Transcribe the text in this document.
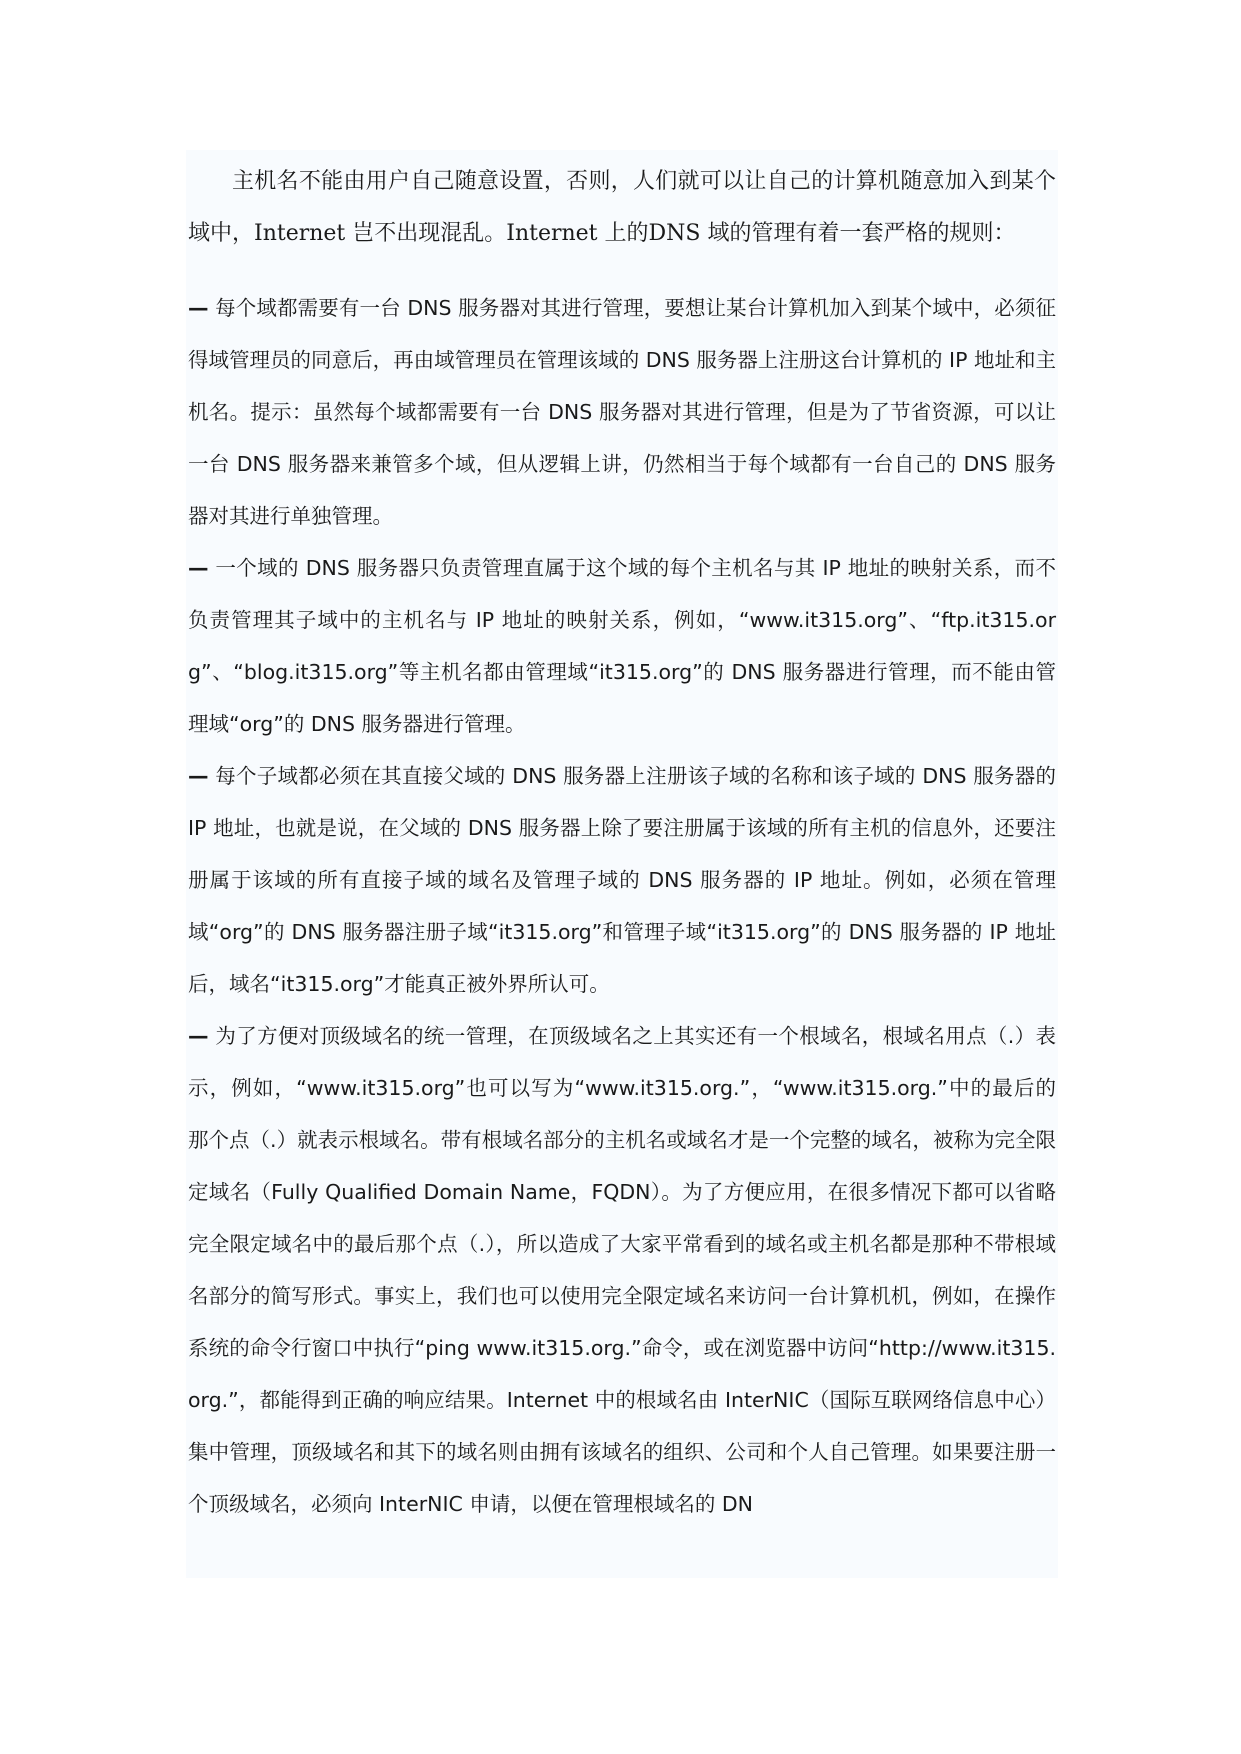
主机名不能由用户自己随意设置，否则，人们就可以让自己的计算机随意加入到某个域中，Internet 岂不出现混乱。Internet 上的DNS 域的管理有着一套严格的规则：

— 每个域都需要有一台 DNS 服务器对其进行管理，要想让某台计算机加入到某个域中，必须征得域管理员的同意后，再由域管理员在管理该域的 DNS 服务器上注册这台计算机的 IP 地址和主机名。提示：虽然每个域都需要有一台 DNS 服务器对其进行管理，但是为了节省资源，可以让一台 DNS 服务器来兼管多个域，但从逻辑上讲，仍然相当于每个域都有一台自己的 DNS 服务器对其进行单独管理。
— 一个域的 DNS 服务器只负责管理直属于这个域的每个主机名与其 IP 地址的映射关系，而不负责管理其子域中的主机名与 IP 地址的映射关系，例如，“www.it315.org”、“ftp.it315.org”、“blog.it315.org”等主机名都由管理域“it315.org”的 DNS 服务器进行管理，而不能由管理域“org”的 DNS 服务器进行管理。
— 每个子域都必须在其直接父域的 DNS 服务器上注册该子域的名称和该子域的 DNS 服务器的 IP 地址，也就是说，在父域的 DNS 服务器上除了要注册属于该域的所有主机的信息外，还要注册属于该域的所有直接子域的域名及管理子域的 DNS 服务器的 IP 地址。例如，必须在管理域“org”的 DNS 服务器注册子域“it315.org”和管理子域“it315.org”的 DNS 服务器的 IP 地址后，域名“it315.org”才能真正被外界所认可。
— 为了方便对顶级域名的统一管理，在顶级域名之上其实还有一个根域名，根域名用点（.）表示，例如，“www.it315.org”也可以写为“www.it315.org.”，“www.it315.org.”中的最后的那个点（.）就表示根域名。带有根域名部分的主机名或域名才是一个完整的域名，被称为完全限定域名（Fully Qualified Domain Name，FQDN）。为了方便应用，在很多情况下都可以省略完全限定域名中的最后那个点（.），所以造成了大家平常看到的域名或主机名都是那种不带根域名部分的简写形式。事实上，我们也可以使用完全限定域名来访问一台计算机机，例如，在操作系统的命令行窗口中执行“ping www.it315.org.”命令，或在浏览器中访问“http://www.it315.org.”，都能得到正确的响应结果。Internet 中的根域名由 InterNIC（国际互联网络信息中心）集中管理，顶级域名和其下的域名则由拥有该域名的组织、公司和个人自己管理。如果要注册一个顶级域名，必须向 InterNIC 申请，以便在管理根域名的 DN
